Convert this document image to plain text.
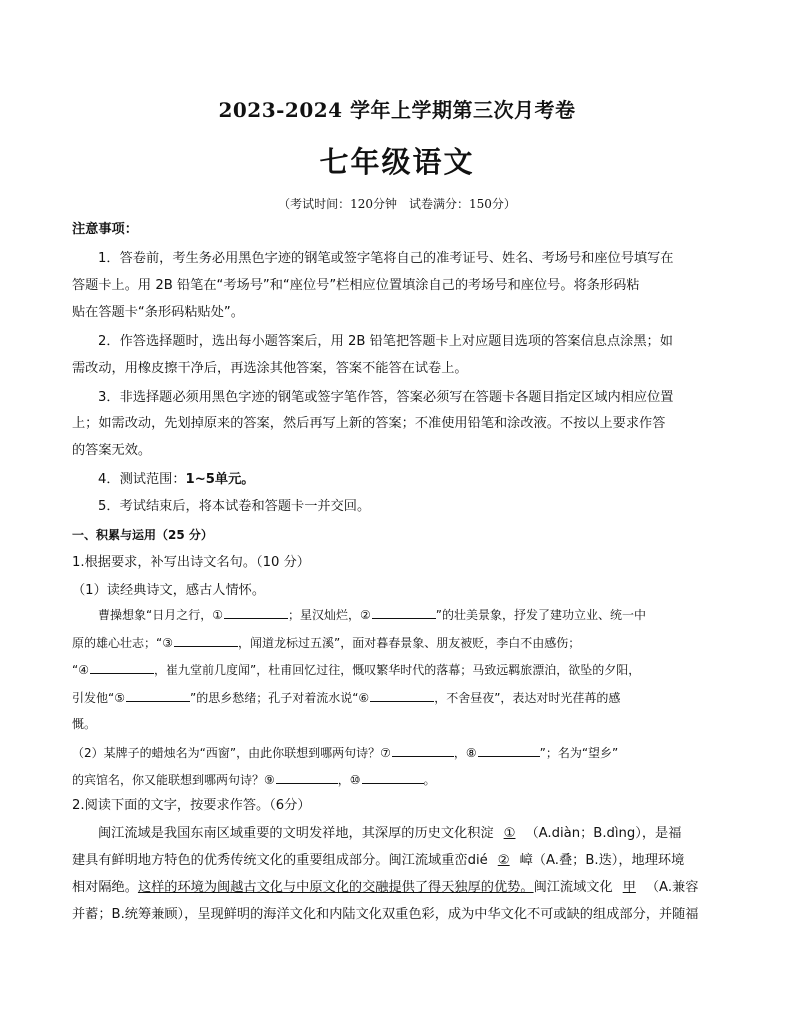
2023-2024 学年上学期第三次月考卷
七年级语文
（考试时间：120分钟　试卷满分：150分）
注意事项：
1．答卷前，考生务必用黑色字迹的钢笔或签字笔将自己的准考证号、姓名、考场号和座位号填写在
答题卡上。用 2B 铅笔在“考场号”和“座位号”栏相应位置填涂自己的考场号和座位号。将条形码粘
贴在答题卡“条形码粘贴处”。
2．作答选择题时，选出每小题答案后，用 2B 铅笔把答题卡上对应题目选项的答案信息点涂黑；如
需改动，用橡皮擦干净后，再选涂其他答案，答案不能答在试卷上。
3．非选择题必须用黑色字迹的钢笔或签字笔作答，答案必须写在答题卡各题目指定区域内相应位置
上；如需改动，先划掉原来的答案，然后再写上新的答案；不准使用铅笔和涂改液。不按以上要求作答
的答案无效。
4．测试范围：1~5单元。
5．考试结束后，将本试卷和答题卡一并交回。
一、积累与运用（25 分）
1.根据要求，补写出诗文名句。（10 分）
（1）读经典诗文，感古人情怀。
曹操想象“日月之行，①	；星汉灿烂，②	”的壮美景象，抒发了建功立业、统一中
原的雄心壮志；“③	，闻道龙标过五溪”，面对暮春景象、朋友被贬，李白不由感伤；
“④	，崔九堂前几度闻”，杜甫回忆过往，慨叹繁华时代的落幕；马致远羁旅漂泊，欲坠的夕阳，
引发他“⑤	”的思乡愁绪；孔子对着流水说“⑥	，不舍昼夜”，表达对时光荏苒的感
慨。
（2）某牌子的蜡烛名为“西窗”，由此你联想到哪两句诗？⑦	，⑧	”；名为“望乡”
的宾馆名，你又能联想到哪两句诗？⑨	，⑩	。
2.阅读下面的文字，按要求作答。（6分）
闽江流域是我国东南区域重要的文明发祥地，其深厚的历史文化积淀 ① （A.diàn；B.dìng），是福
建具有鲜明地方特色的优秀传统文化的重要组成部分。闽江流域重峦dié ② 嶂（A.叠；B.迭），地理环境
相对隔绝。这样的环境为闽越古文化与中原文化的交融提供了得天独厚的优势。闽江流域文化 甲 （A.兼容
并蓄；B.统筹兼顾），呈现鲜明的海洋文化和内陆文化双重色彩，成为中华文化不可或缺的组成部分，并随福
